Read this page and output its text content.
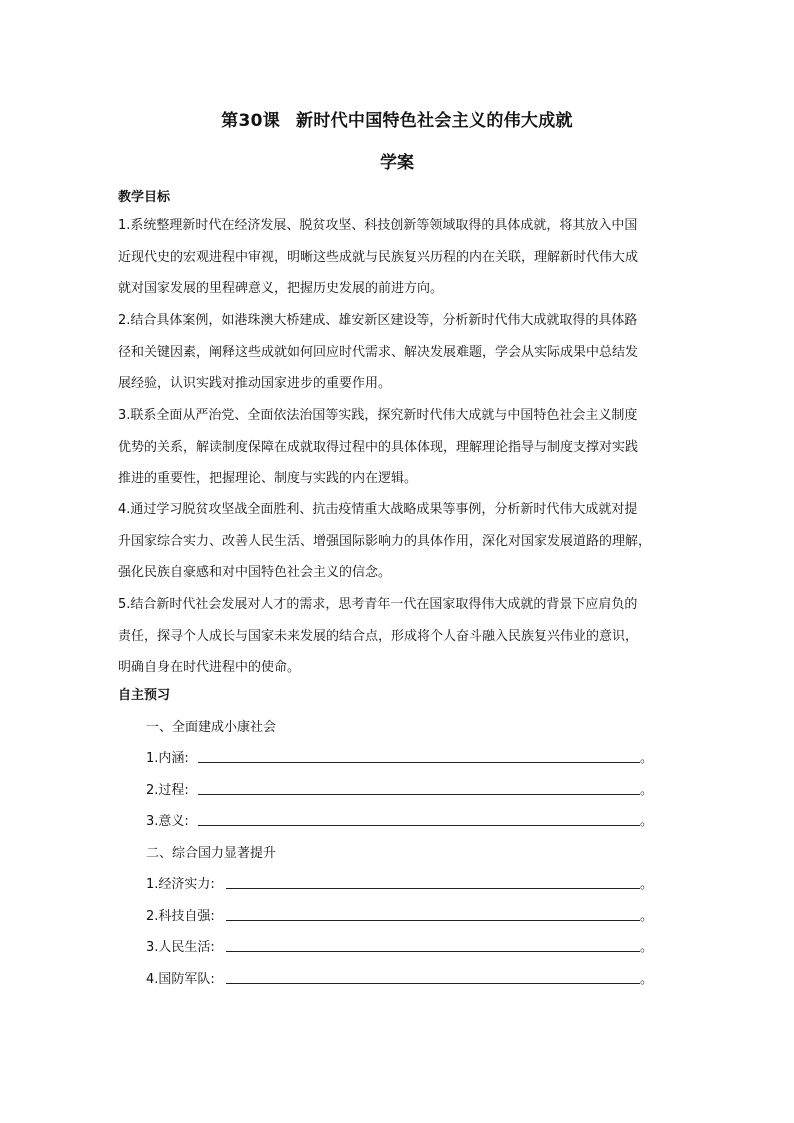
第30课 新时代中国特色社会主义的伟大成就
学案
教学目标
1.系统整理新时代在经济发展、脱贫攻坚、科技创新等领域取得的具体成就，将其放入中国
近现代史的宏观进程中审视，明晰这些成就与民族复兴历程的内在关联，理解新时代伟大成
就对国家发展的里程碑意义，把握历史发展的前进方向。
2.结合具体案例，如港珠澳大桥建成、雄安新区建设等，分析新时代伟大成就取得的具体路
径和关键因素，阐释这些成就如何回应时代需求、解决发展难题，学会从实际成果中总结发
展经验，认识实践对推动国家进步的重要作用。
3.联系全面从严治党、全面依法治国等实践，探究新时代伟大成就与中国特色社会主义制度
优势的关系，解读制度保障在成就取得过程中的具体体现，理解理论指导与制度支撑对实践
推进的重要性，把握理论、制度与实践的内在逻辑。
4.通过学习脱贫攻坚战全面胜利、抗击疫情重大战略成果等事例，分析新时代伟大成就对提
升国家综合实力、改善人民生活、增强国际影响力的具体作用，深化对国家发展道路的理解，
强化民族自豪感和对中国特色社会主义的信念。
5.结合新时代社会发展对人才的需求，思考青年一代在国家取得伟大成就的背景下应肩负的
责任，探寻个人成长与国家未来发展的结合点，形成将个人奋斗融入民族复兴伟业的意识，
明确自身在时代进程中的使命。
自主预习
一、全面建成小康社会
1.内涵:	。
2.过程:	。
3.意义:	。
二、综合国力显著提升
1.经济实力:	。
2.科技自强:	。
3.人民生活:	。
4.国防军队:	。
